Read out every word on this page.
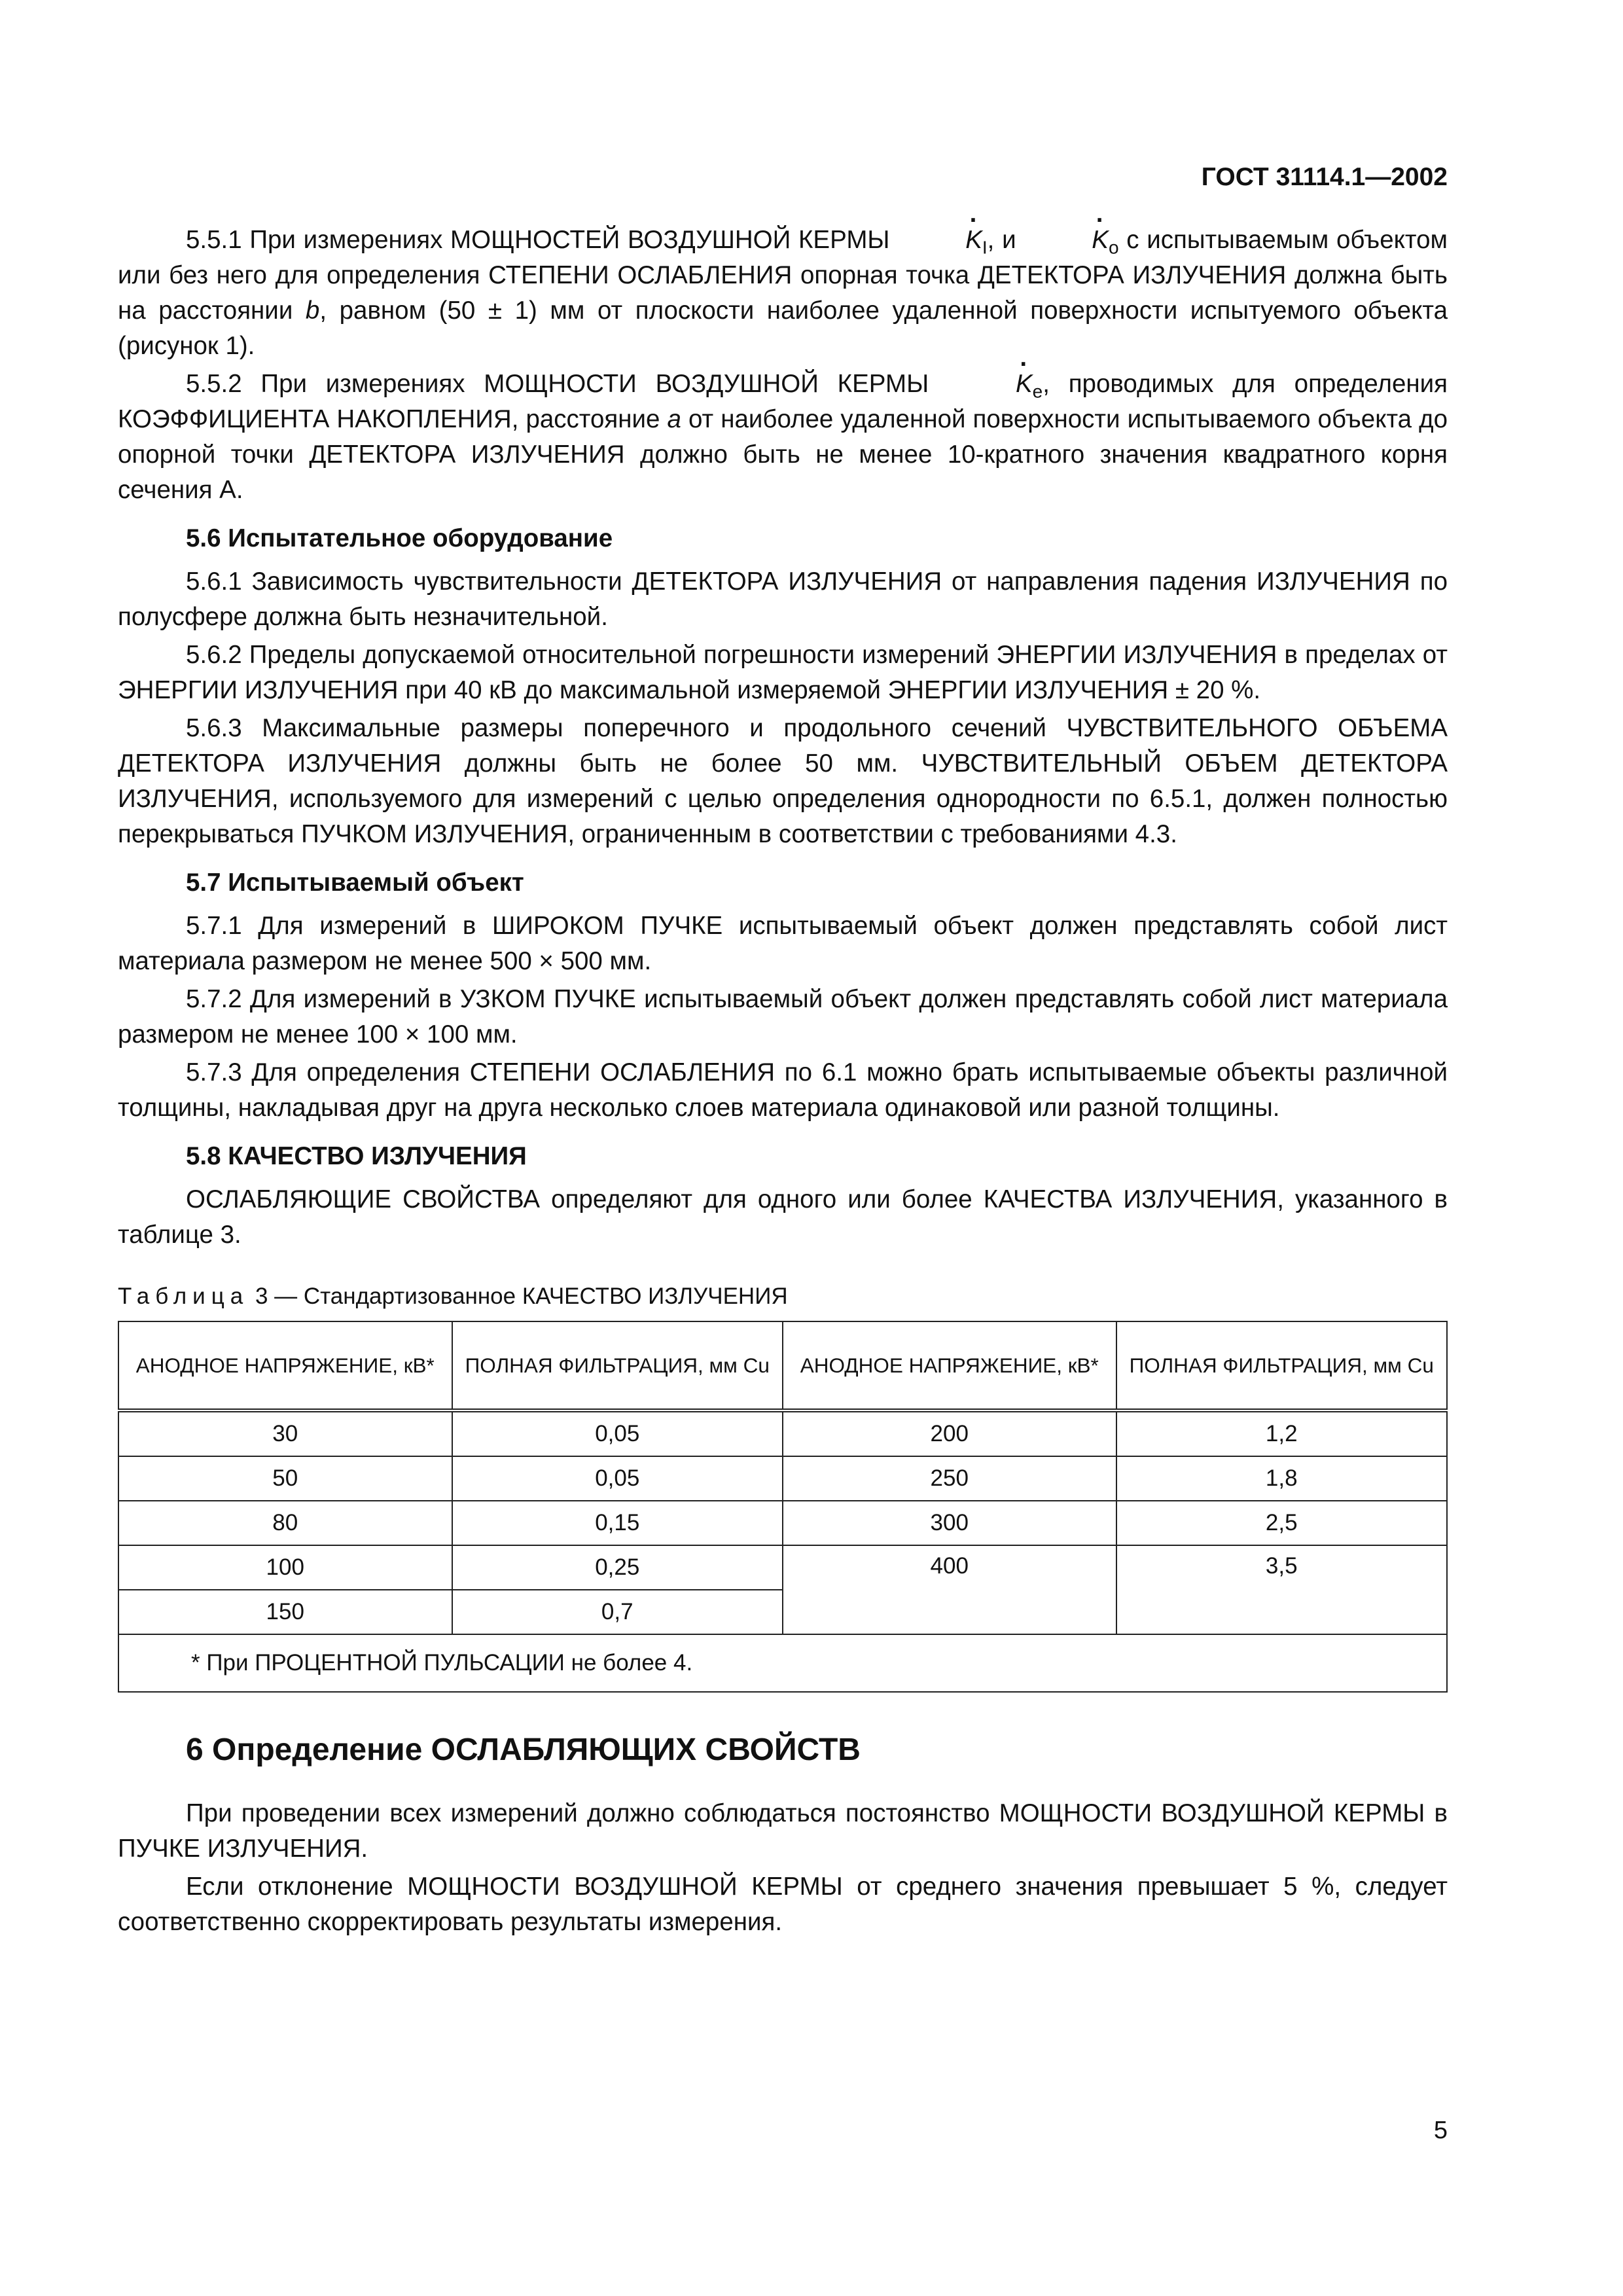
ГОСТ 31114.1—2002

5.5.1 При измерениях МОЩНОСТЕЙ ВОЗДУШНОЙ КЕРМЫ	· $K_I$, и	· $K_o$ с испытываемым объектом или без него для определения СТЕПЕНИ ОСЛАБЛЕНИЯ опорная точка ДЕТЕКТОРА ИЗЛУЧЕНИЯ должна быть на расстоянии b, равном (50 ± 1) мм от плоскости наиболее удаленной поверхности испытуемого объекта (рисунок 1).

5.5.2 При измерениях МОЩНОСТИ ВОЗДУШНОЙ КЕРМЫ	· $K_e$, проводимых для определения КОЭФФИЦИЕНТА НАКОПЛЕНИЯ, расстояние a от наиболее удаленной поверхности испытываемого объекта до опорной точки ДЕТЕКТОРА ИЗЛУЧЕНИЯ должно быть не менее 10-кратного значения квадратного корня сечения А.

5.6 Испытательное оборудование

5.6.1 Зависимость чувствительности ДЕТЕКТОРА ИЗЛУЧЕНИЯ от направления падения ИЗЛУЧЕНИЯ по полусфере должна быть незначительной.

5.6.2 Пределы допускаемой относительной погрешности измерений ЭНЕРГИИ ИЗЛУЧЕНИЯ в пределах от ЭНЕРГИИ ИЗЛУЧЕНИЯ при 40 кВ до максимальной измеряемой ЭНЕРГИИ ИЗЛУЧЕНИЯ ± 20 %.

5.6.3 Максимальные размеры поперечного и продольного сечений ЧУВСТВИТЕЛЬНОГО ОБЪЕМА ДЕТЕКТОРА ИЗЛУЧЕНИЯ должны быть не более 50 мм. ЧУВСТВИТЕЛЬНЫЙ ОБЪЕМ ДЕТЕКТОРА ИЗЛУЧЕНИЯ, используемого для измерений с целью определения однородности по 6.5.1, должен полностью перекрываться ПУЧКОМ ИЗЛУЧЕНИЯ, ограниченным в соответствии с требованиями 4.3.

5.7 Испытываемый объект

5.7.1 Для измерений в ШИРОКОМ ПУЧКЕ испытываемый объект должен представлять собой лист материала размером не менее 500 × 500 мм.

5.7.2 Для измерений в УЗКОМ ПУЧКЕ испытываемый объект должен представлять собой лист материала размером не менее 100 × 100 мм.

5.7.3 Для определения СТЕПЕНИ ОСЛАБЛЕНИЯ по 6.1 можно брать испытываемые объекты различной толщины, накладывая друг на друга несколько слоев материала одинаковой или разной толщины.

5.8 КАЧЕСТВО ИЗЛУЧЕНИЯ

ОСЛАБЛЯЮЩИЕ СВОЙСТВА определяют для одного или более КАЧЕСТВА ИЗЛУЧЕНИЯ, указанного в таблице 3.

Таблица 3 — Стандартизованное КАЧЕСТВО ИЗЛУЧЕНИЯ
АНОДНОЕ НАПРЯЖЕНИЕ, кВ*	ПОЛНАЯ ФИЛЬТРАЦИЯ, мм Cu	АНОДНОЕ НАПРЯЖЕНИЕ, кВ*	ПОЛНАЯ ФИЛЬТРАЦИЯ, мм Cu
30	0,05	200	1,2
50	0,05	250	1,8
80	0,15	300	2,5
100	0,25	400	3,5
150	0,7		
* При ПРОЦЕНТНОЙ ПУЛЬСАЦИИ не более 4.			
6 Определение ОСЛАБЛЯЮЩИХ СВОЙСТВ

При проведении всех измерений должно соблюдаться постоянство МОЩНОСТИ ВОЗДУШНОЙ КЕРМЫ в ПУЧКЕ ИЗЛУЧЕНИЯ.

Если отклонение МОЩНОСТИ ВОЗДУШНОЙ КЕРМЫ от среднего значения превышает 5 %, следует соответственно скорректировать результаты измерения.

5
